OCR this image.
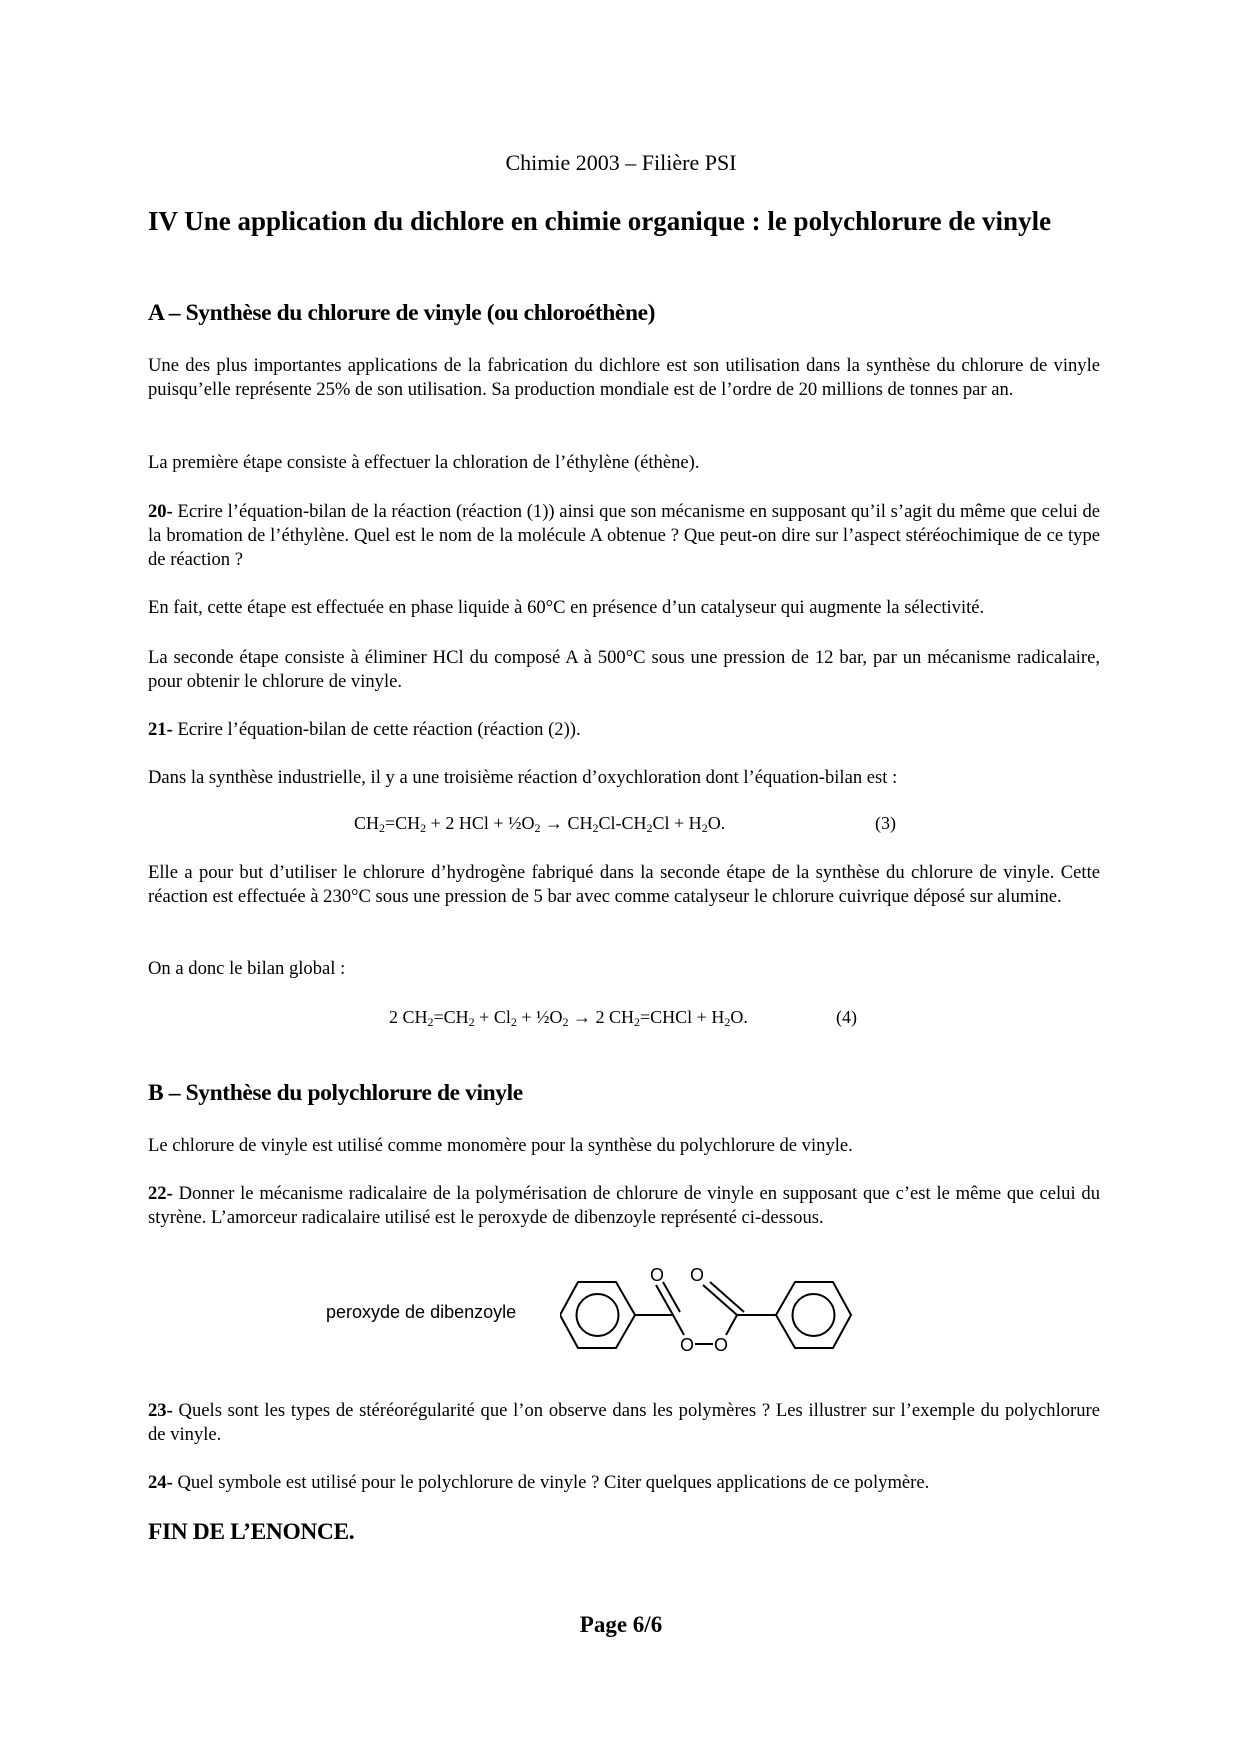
Chimie 2003 – Filière PSI
IV Une application du dichlore en chimie organique : le polychlorure de vinyle
A – Synthèse du chlorure de vinyle (ou chloroéthène)
Une des plus importantes applications de la fabrication du dichlore est son utilisation dans la synthèse du chlorure de vinyle puisqu’elle représente 25% de son utilisation. Sa production mondiale est de l’ordre de 20 millions de tonnes par an.
La première étape consiste à effectuer la chloration de l’éthylène (éthène).
20- Ecrire l’équation-bilan de la réaction (réaction (1)) ainsi que son mécanisme en supposant qu’il s’agit du même que celui de la bromation de l’éthylène. Quel est le nom de la molécule A obtenue ? Que peut-on dire sur l’aspect stéréochimique de ce type de réaction ?
En fait, cette étape est effectuée en phase liquide à 60°C en présence d’un catalyseur qui augmente la sélectivité.
La seconde étape consiste à éliminer HCl du composé A à 500°C sous une pression de 12 bar, par un mécanisme radicalaire, pour obtenir le chlorure de vinyle.
21- Ecrire l’équation-bilan de cette réaction (réaction (2)).
Dans la synthèse industrielle, il y a une troisième réaction d’oxychloration dont l’équation-bilan est :
$CH_2=CH_2 + 2$ HCl + $\frac{1}{2}O_2 \to CH_2Cl-CH_2Cl + H_2O$.	(3)
Elle a pour but d’utiliser le chlorure d’hydrogène fabriqué dans la seconde étape de la synthèse du chlorure de vinyle. Cette réaction est effectuée à 230°C sous une pression de 5 bar avec comme catalyseur le chlorure cuivrique déposé sur alumine.
On a donc le bilan global :
2 $CH_2=CH_2 + Cl_2$ + $\frac{1}{2}O_2 \to 2$ $CH_2=CHCl + H_2O$.	(4)
B – Synthèse du polychlorure de vinyle
Le chlorure de vinyle est utilisé comme monomère pour la synthèse du polychlorure de vinyle.
22- Donner le mécanisme radicalaire de la polymérisation de chlorure de vinyle en supposant que c’est le même que celui du styrène. L’amorceur radicalaire utilisé est le peroxyde de dibenzoyle représenté ci-dessous.
peroxyde de dibenzoyle
O O
O O
23- Quels sont les types de stéréorégularité que l’on observe dans les polymères ? Les illustrer sur l’exemple du polychlorure de vinyle.
24- Quel symbole est utilisé pour le polychlorure de vinyle ? Citer quelques applications de ce polymère.
FIN DE L’ENONCE.
Page 6/6
